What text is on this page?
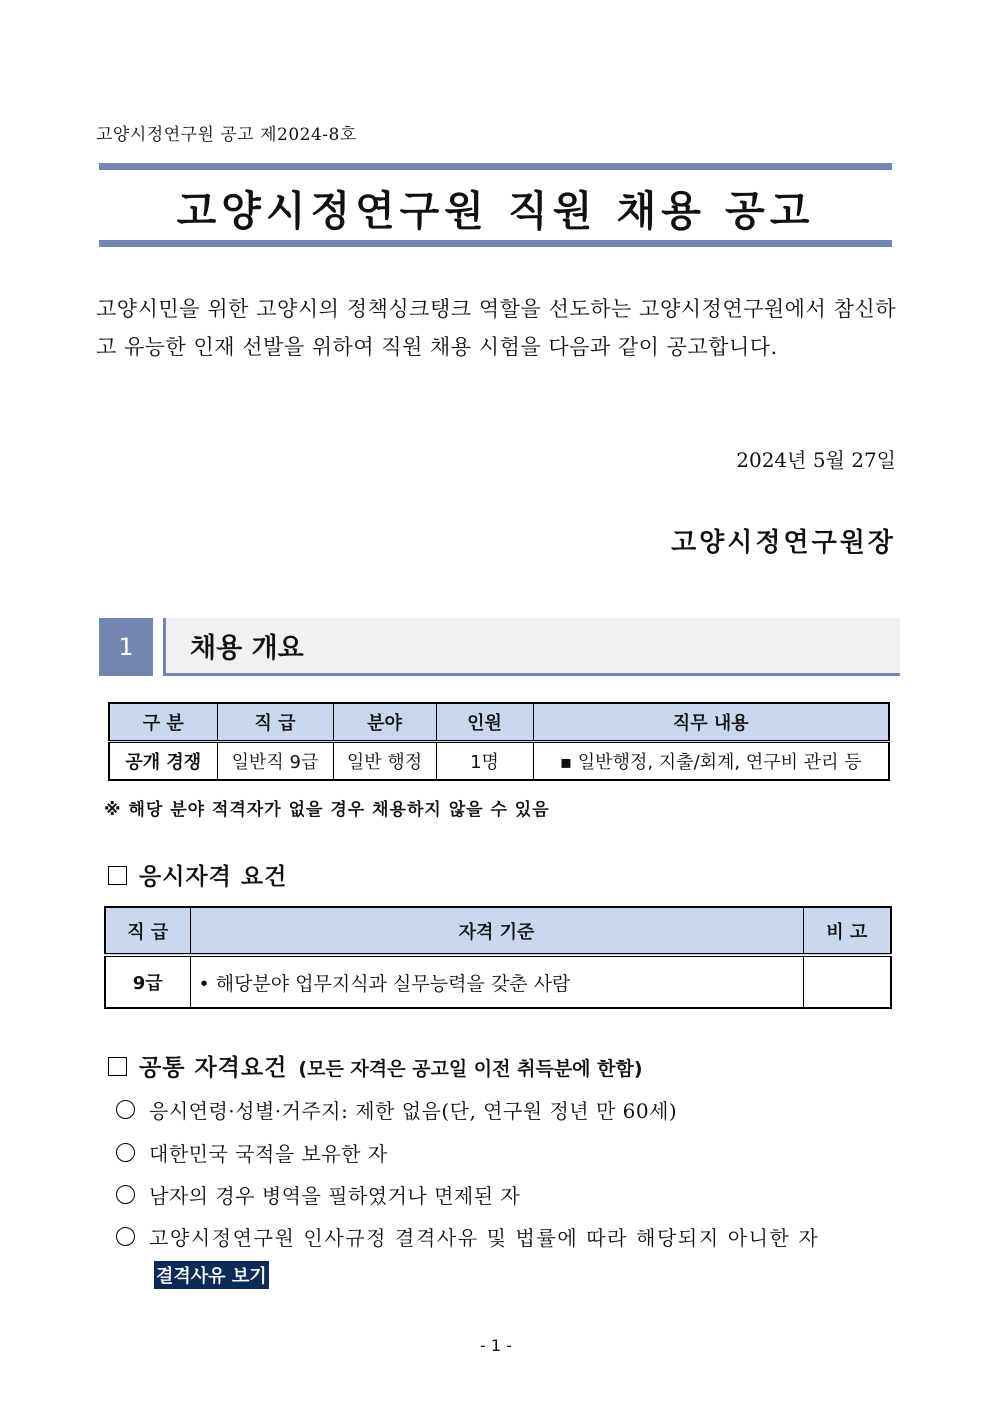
고양시정연구원 공고 제2024-8호
고양시정연구원 직원 채용 공고
고양시민을 위한 고양시의 정책싱크탱크 역할을 선도하는 고양시정연구원에서 참신하고 유능한 인재 선발을 위하여 직원 채용 시험을 다음과 같이 공고합니다.
2024년 5월 27일
고양시정연구원장
1	채용 개요
구 분	직 급	분야	인원	직무 내용
공개 경쟁	일반직 9급	일반 행정	1명	▪ 일반행정, 지출/회계, 연구비 관리 등
※ 해당 분야 적격자가 없을 경우 채용하지 않을 수 있음
응시자격 요건
직 급	자격 기준	비 고
9급	• 해당분야 업무지식과 실무능력을 갖춘 사람	
공통 자격요건 (모든 자격은 공고일 이전 취득분에 한함)
응시연령·성별·거주지: 제한 없음(단, 연구원 정년 만 60세)
대한민국 국적을 보유한 자
남자의 경우 병역을 필하였거나 면제된 자
고양시정연구원 인사규정 결격사유 및 법률에 따라 해당되지 아니한 자
결격사유 보기
- 1 -
